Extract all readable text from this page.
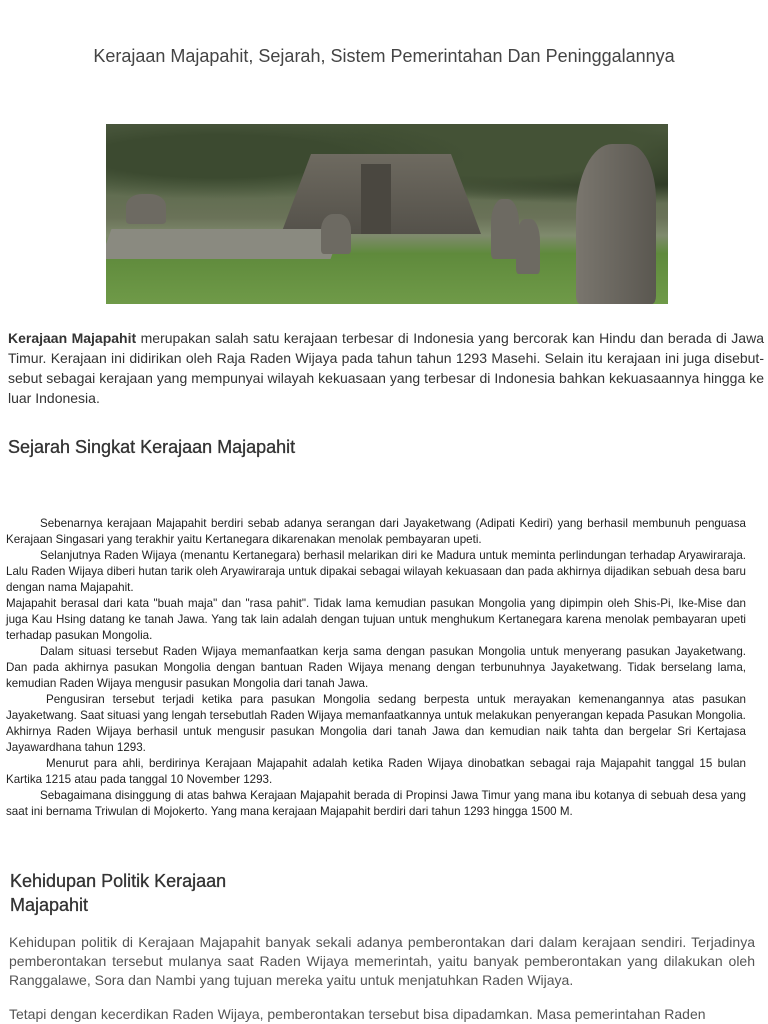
Kerajaan Majapahit, Sejarah, Sistem Pemerintahan Dan Peninggalannya

Kerajaan Majapahit merupakan salah satu kerajaan terbesar di Indonesia yang bercorak kan Hindu dan berada di Jawa Timur. Kerajaan ini didirikan oleh Raja Raden Wijaya pada tahun tahun 1293 Masehi. Selain itu kerajaan ini juga disebut-sebut sebagai kerajaan yang mempunyai wilayah kekuasaan yang terbesar di Indonesia bahkan kekuasaannya hingga ke luar Indonesia.

Sejarah Singkat Kerajaan Majapahit

Sebenarnya kerajaan Majapahit berdiri sebab adanya serangan dari Jayaketwang (Adipati Kediri) yang berhasil membunuh penguasa Kerajaan Singasari yang terakhir yaitu Kertanegara dikarenakan menolak pembayaran upeti.

Selanjutnya Raden Wijaya (menantu Kertanegara) berhasil melarikan diri ke Madura untuk meminta perlindungan terhadap Aryawiraraja. Lalu Raden Wijaya diberi hutan tarik oleh Aryawiraraja untuk dipakai sebagai wilayah kekuasaan dan pada akhirnya dijadikan sebuah desa baru dengan nama Majapahit.

Majapahit berasal dari kata "buah maja" dan "rasa pahit". Tidak lama kemudian pasukan Mongolia yang dipimpin oleh Shis-Pi, Ike-Mise dan juga Kau Hsing datang ke tanah Jawa. Yang tak lain adalah dengan tujuan untuk menghukum Kertanegara karena menolak pembayaran upeti terhadap pasukan Mongolia.

Dalam situasi tersebut Raden Wijaya memanfaatkan kerja sama dengan pasukan Mongolia untuk menyerang pasukan Jayaketwang. Dan pada akhirnya pasukan Mongolia dengan bantuan Raden Wijaya menang dengan terbunuhnya Jayaketwang. Tidak berselang lama, kemudian Raden Wijaya mengusir pasukan Mongolia dari tanah Jawa.

Pengusiran tersebut terjadi ketika para pasukan Mongolia sedang berpesta untuk merayakan kemenangannya atas pasukan Jayaketwang. Saat situasi yang lengah tersebutlah Raden Wijaya memanfaatkannya untuk melakukan penyerangan kepada Pasukan Mongolia.

Akhirnya Raden Wijaya berhasil untuk mengusir pasukan Mongolia dari tanah Jawa dan kemudian naik tahta dan bergelar Sri Kertajasa Jayawardhana tahun 1293.

Menurut para ahli, berdirinya Kerajaan Majapahit adalah ketika Raden Wijaya dinobatkan sebagai raja Majapahit tanggal 15 bulan Kartika 1215 atau pada tanggal 10 November 1293.

Sebagaimana disinggung di atas bahwa Kerajaan Majapahit berada di Propinsi Jawa Timur yang mana ibu kotanya di sebuah desa yang saat ini bernama Triwulan di Mojokerto. Yang mana kerajaan Majapahit berdiri dari tahun 1293 hingga 1500 M.

Kehidupan Politik Kerajaan Majapahit

Kehidupan politik di Kerajaan Majapahit banyak sekali adanya pemberontakan dari dalam kerajaan sendiri. Terjadinya pemberontakan tersebut mulanya saat Raden Wijaya memerintah, yaitu banyak pemberontakan yang dilakukan oleh Ranggalawe, Sora dan Nambi yang tujuan mereka yaitu untuk menjatuhkan Raden Wijaya.

Tetapi dengan kecerdikan Raden Wijaya, pemberontakan tersebut bisa dipadamkan. Masa pemerintahan Raden
